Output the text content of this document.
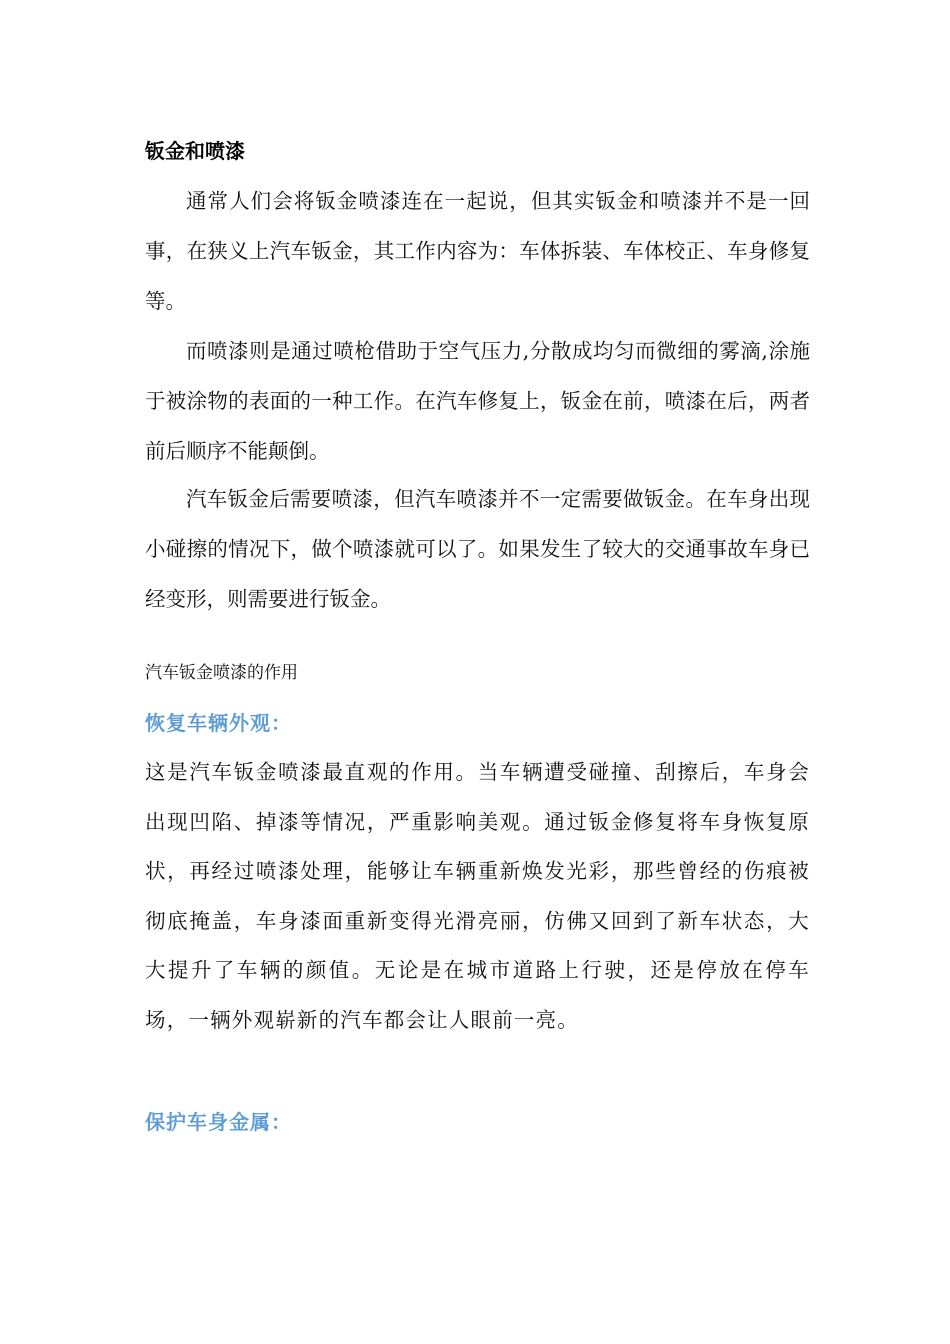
钣金和喷漆

通常人们会将钣金喷漆连在一起说，但其实钣金和喷漆并不是一回事，在狭义上汽车钣金，其工作内容为：车体拆装、车体校正、车身修复等。

而喷漆则是通过喷枪借助于空气压力,分散成均匀而微细的雾滴,涂施于被涂物的表面的一种工作。在汽车修复上，钣金在前，喷漆在后，两者前后顺序不能颠倒。

汽车钣金后需要喷漆，但汽车喷漆并不一定需要做钣金。在车身出现小碰擦的情况下，做个喷漆就可以了。如果发生了较大的交通事故车身已经变形，则需要进行钣金。

汽车钣金喷漆的作用
恢复车辆外观：

这是汽车钣金喷漆最直观的作用。当车辆遭受碰撞、刮擦后，车身会出现凹陷、掉漆等情况，严重影响美观。通过钣金修复将车身恢复原状，再经过喷漆处理，能够让车辆重新焕发光彩，那些曾经的伤痕被彻底掩盖，车身漆面重新变得光滑亮丽，仿佛又回到了新车状态，大大提升了车辆的颜值。无论是在城市道路上行驶，还是停放在停车场，一辆外观崭新的汽车都会让人眼前一亮。

保护车身金属：
